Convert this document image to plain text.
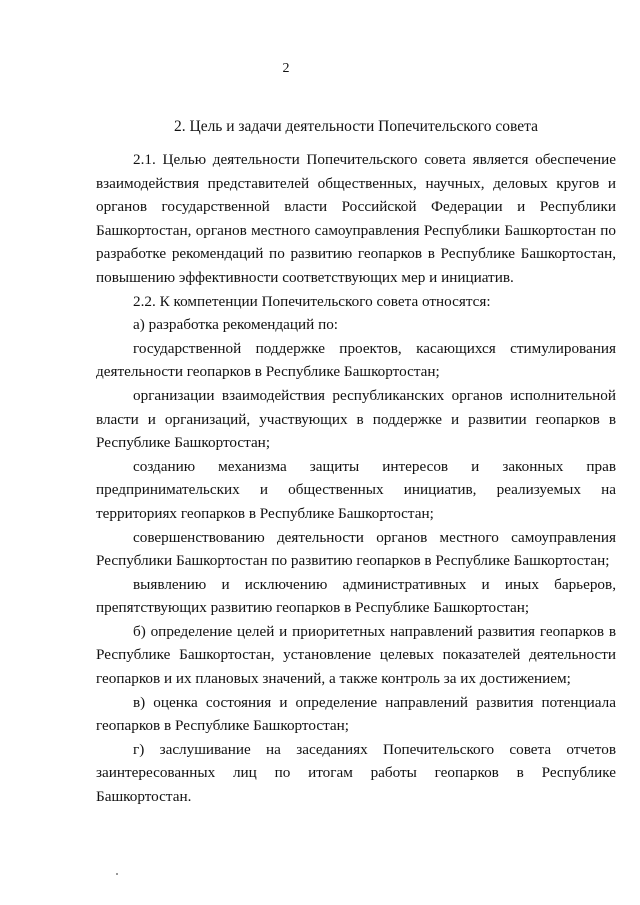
2
2. Цель и задачи деятельности Попечительского совета

2.1. Целью деятельности Попечительского совета является обеспечение взаимодействия представителей общественных, научных, деловых кругов и органов государственной власти Российской Федерации и Республики Башкортостан, органов местного самоуправления Республики Башкортостан по разработке рекомендаций по развитию геопарков в Республике Башкортостан, повышению эффективности соответствующих мер и инициатив.

2.2. К компетенции Попечительского совета относятся:

а) разработка рекомендаций по:

государственной поддержке проектов, касающихся стимулирования деятельности геопарков в Республике Башкортостан;

организации взаимодействия республиканских органов исполнительной власти и организаций, участвующих в поддержке и развитии геопарков в Республике Башкортостан;

созданию механизма защиты интересов и законных прав предпринимательских и общественных инициатив, реализуемых на территориях геопарков в Республике Башкортостан;

совершенствованию деятельности органов местного самоуправления Республики Башкортостан по развитию геопарков в Республике Башкортостан;

выявлению и исключению административных и иных барьеров, препятствующих развитию геопарков в Республике Башкортостан;

б) определение целей и приоритетных направлений развития геопарков в Республике Башкортостан, установление целевых показателей деятельности геопарков и их плановых значений, а также контроль за их достижением;

в) оценка состояния и определение направлений развития потенциала геопарков в Республике Башкортостан;

г) заслушивание на заседаниях Попечительского совета отчетов заинтересованных лиц по итогам работы геопарков в Республике Башкортостан.
